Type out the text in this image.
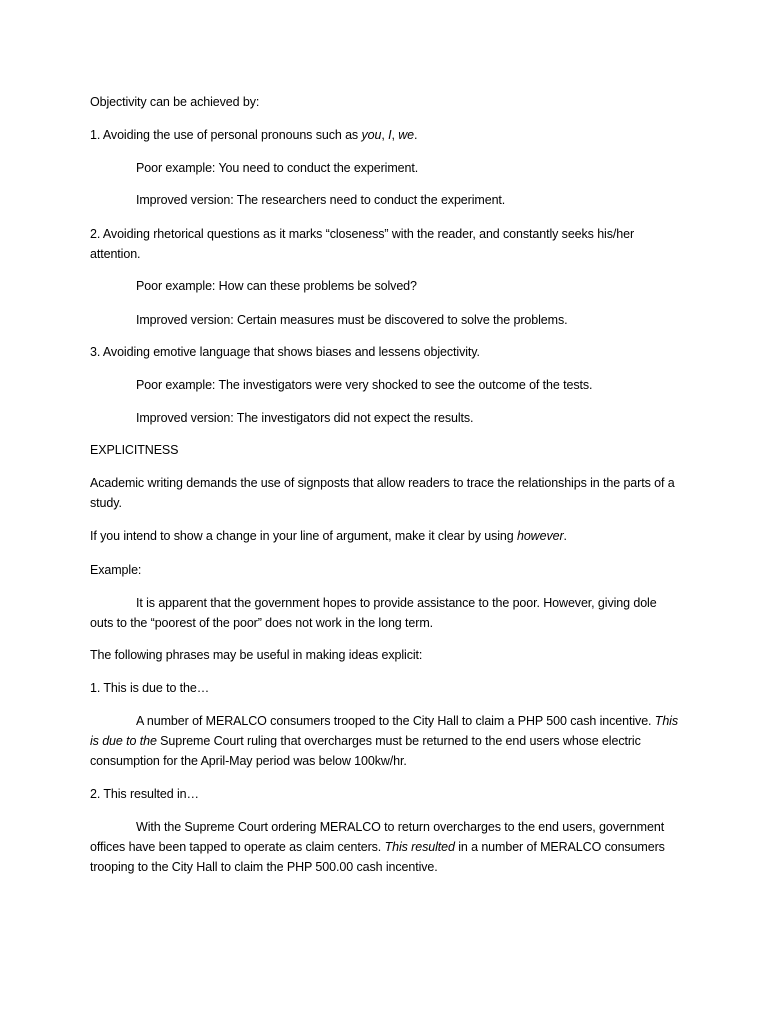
Objectivity can be achieved by:
1. Avoiding the use of personal pronouns such as you, I, we.
Poor example: You need to conduct the experiment.
Improved version: The researchers need to conduct the experiment.
2. Avoiding rhetorical questions as it marks “closeness” with the reader, and constantly seeks his/her attention.
Poor example: How can these problems be solved?
Improved version: Certain measures must be discovered to solve the problems.
3. Avoiding emotive language that shows biases and lessens objectivity.
Poor example: The investigators were very shocked to see the outcome of the tests.
Improved version: The investigators did not expect the results.
EXPLICITNESS
Academic writing demands the use of signposts that allow readers to trace the relationships in the parts of a study.
If you intend to show a change in your line of argument, make it clear by using however.
Example:
It is apparent that the government hopes to provide assistance to the poor. However, giving dole outs to the “poorest of the poor” does not work in the long term.
The following phrases may be useful in making ideas explicit:
1. This is due to the…
A number of MERALCO consumers trooped to the City Hall to claim a PHP 500 cash incentive. This is due to the Supreme Court ruling that overcharges must be returned to the end users whose electric consumption for the April-May period was below 100kw/hr.
2. This resulted in…
With the Supreme Court ordering MERALCO to return overcharges to the end users, government offices have been tapped to operate as claim centers. This resulted in a number of MERALCO consumers trooping to the City Hall to claim the PHP 500.00 cash incentive.
